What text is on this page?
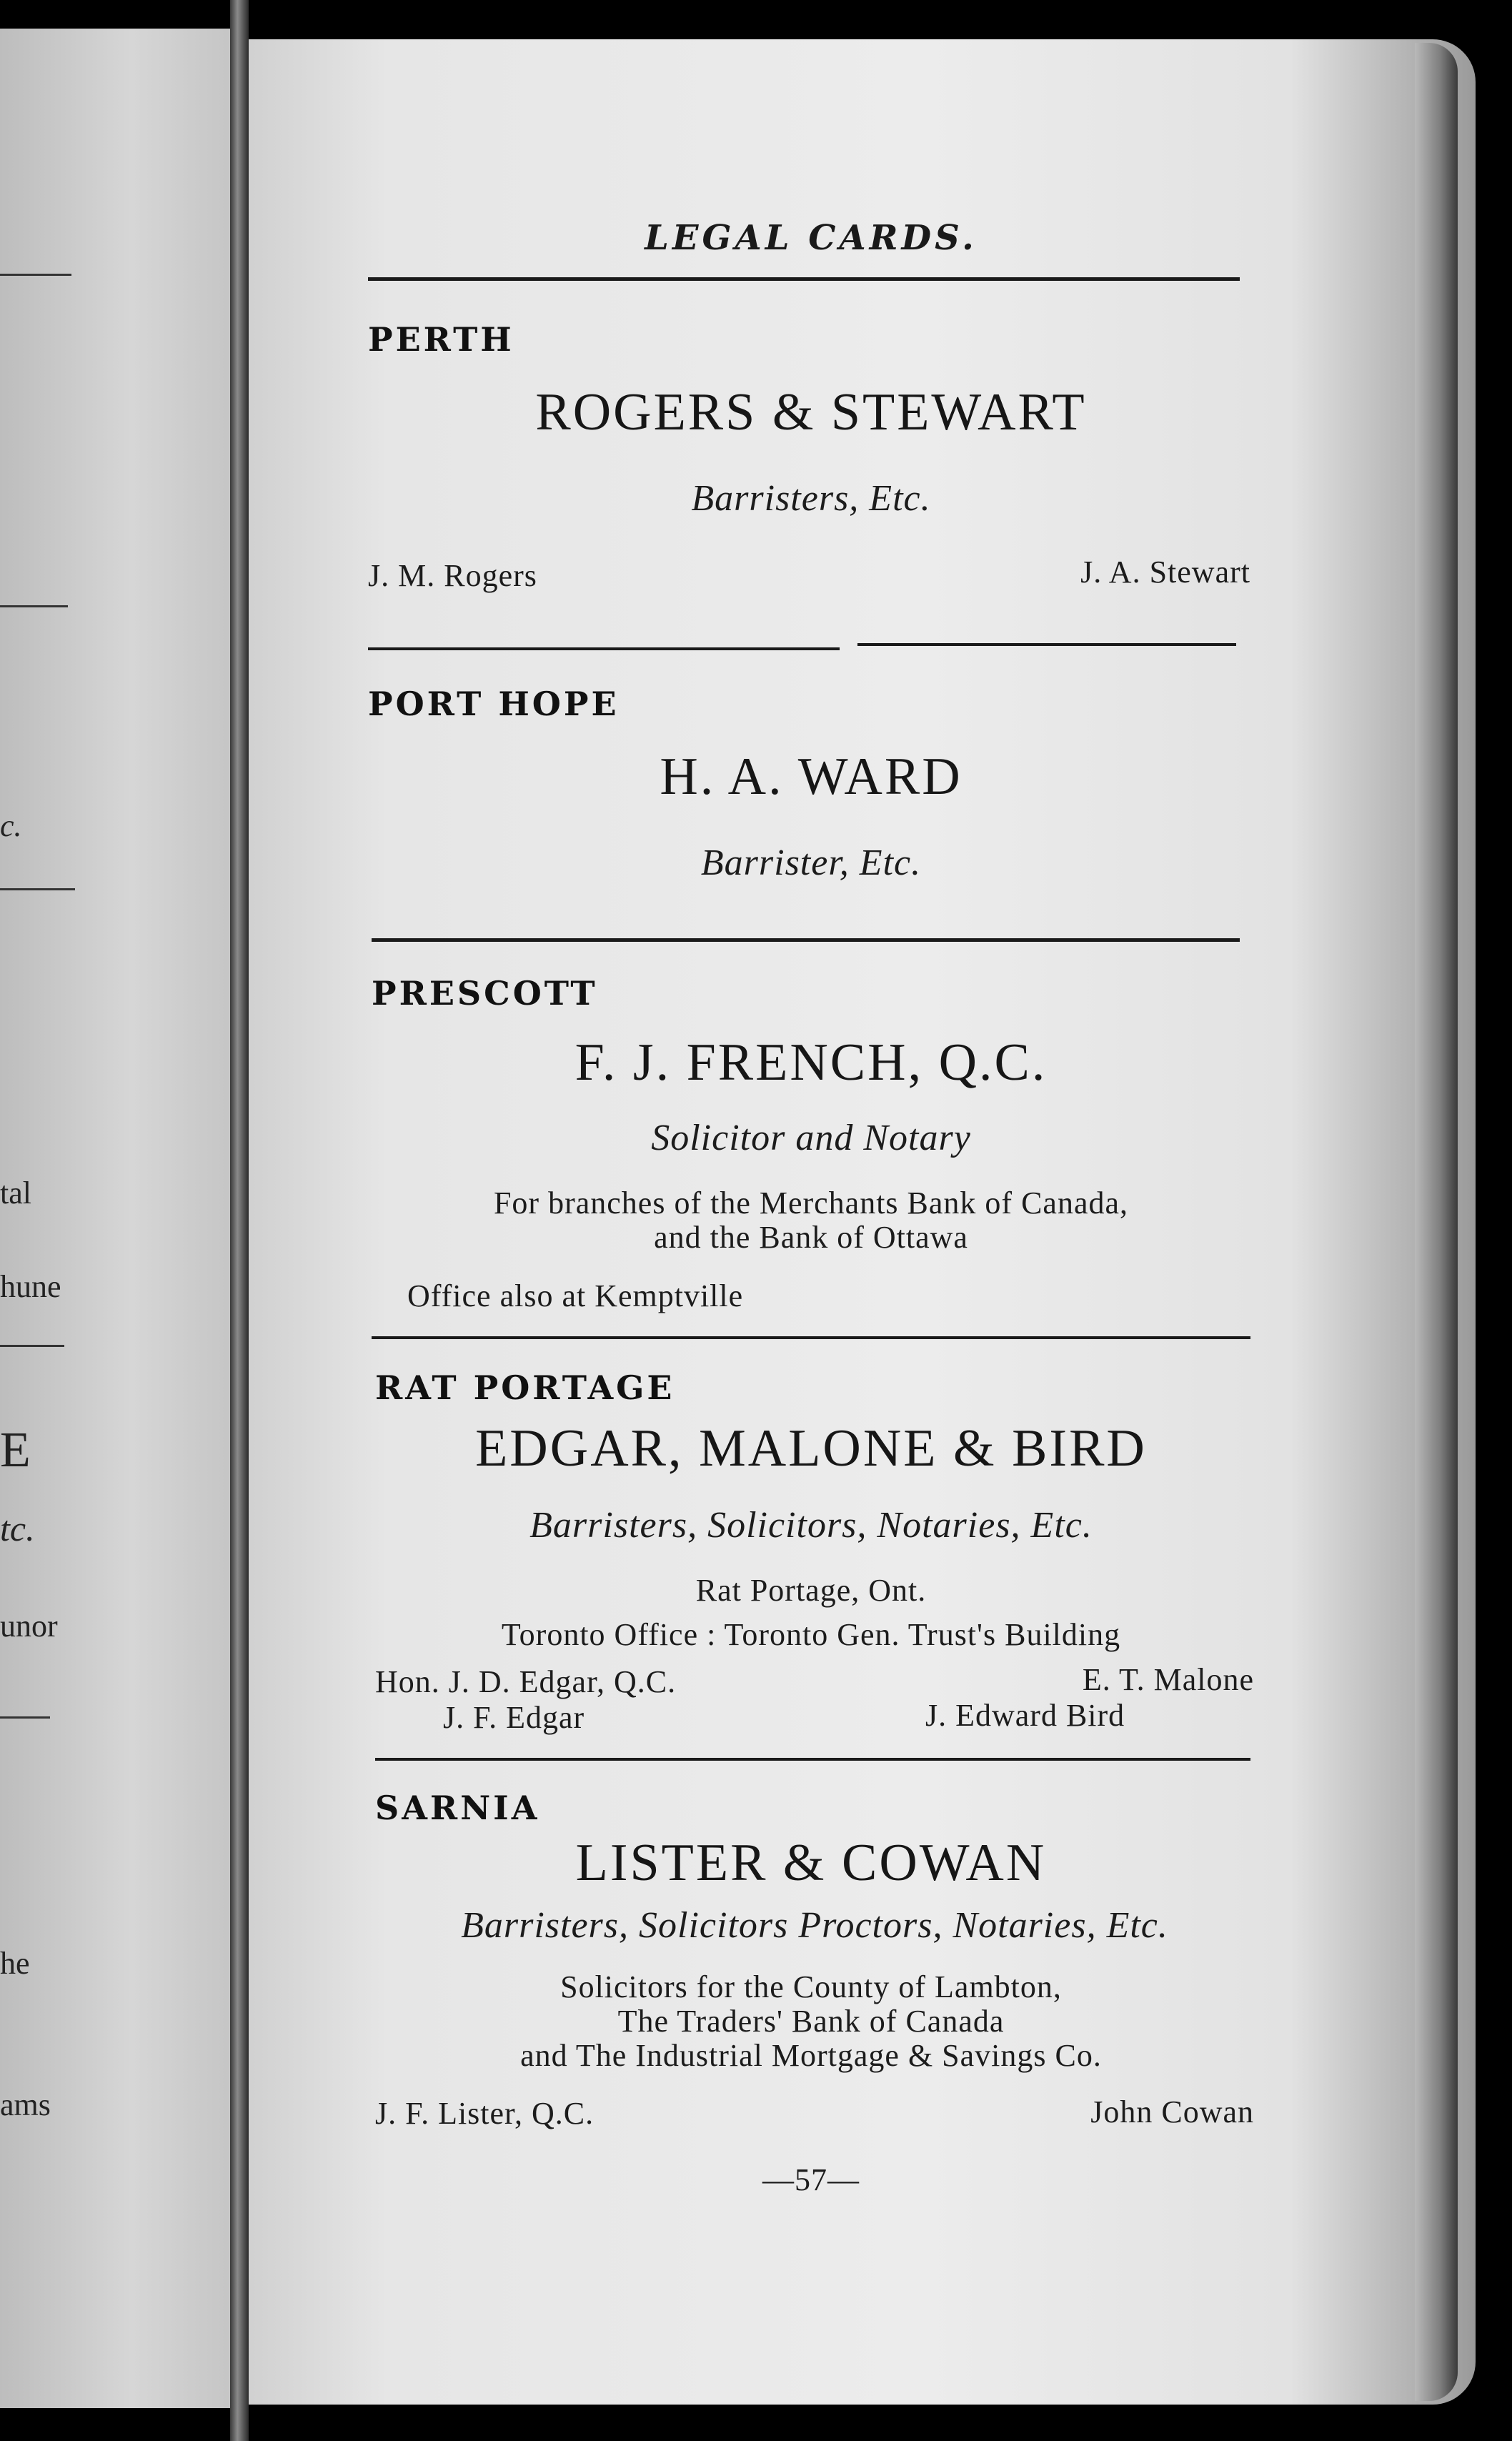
c.
tal
hune
E
tc.
unor
he
ams
LEGAL CARDS.
PERTH
ROGERS & STEWART
Barristers, Etc.
J. M. Rogers	J. A. Stewart
PORT HOPE
H. A. WARD
Barrister, Etc.
PRESCOTT
F. J. FRENCH, Q.C.
Solicitor and Notary
For branches of the Merchants Bank of Canada,
and the Bank of Ottawa
Office also at Kemptville
RAT PORTAGE
EDGAR, MALONE & BIRD
Barristers, Solicitors, Notaries, Etc.
Rat Portage, Ont.
Toronto Office : Toronto Gen. Trust's Building
Hon. J. D. Edgar, Q.C.	E. T. Malone
J. F. Edgar	J. Edward Bird
SARNIA
LISTER & COWAN
Barristers, Solicitors Proctors, Notaries, Etc.
Solicitors for the County of Lambton,
The Traders' Bank of Canada
and The Industrial Mortgage & Savings Co.
J. F. Lister, Q.C.	John Cowan
—57—
